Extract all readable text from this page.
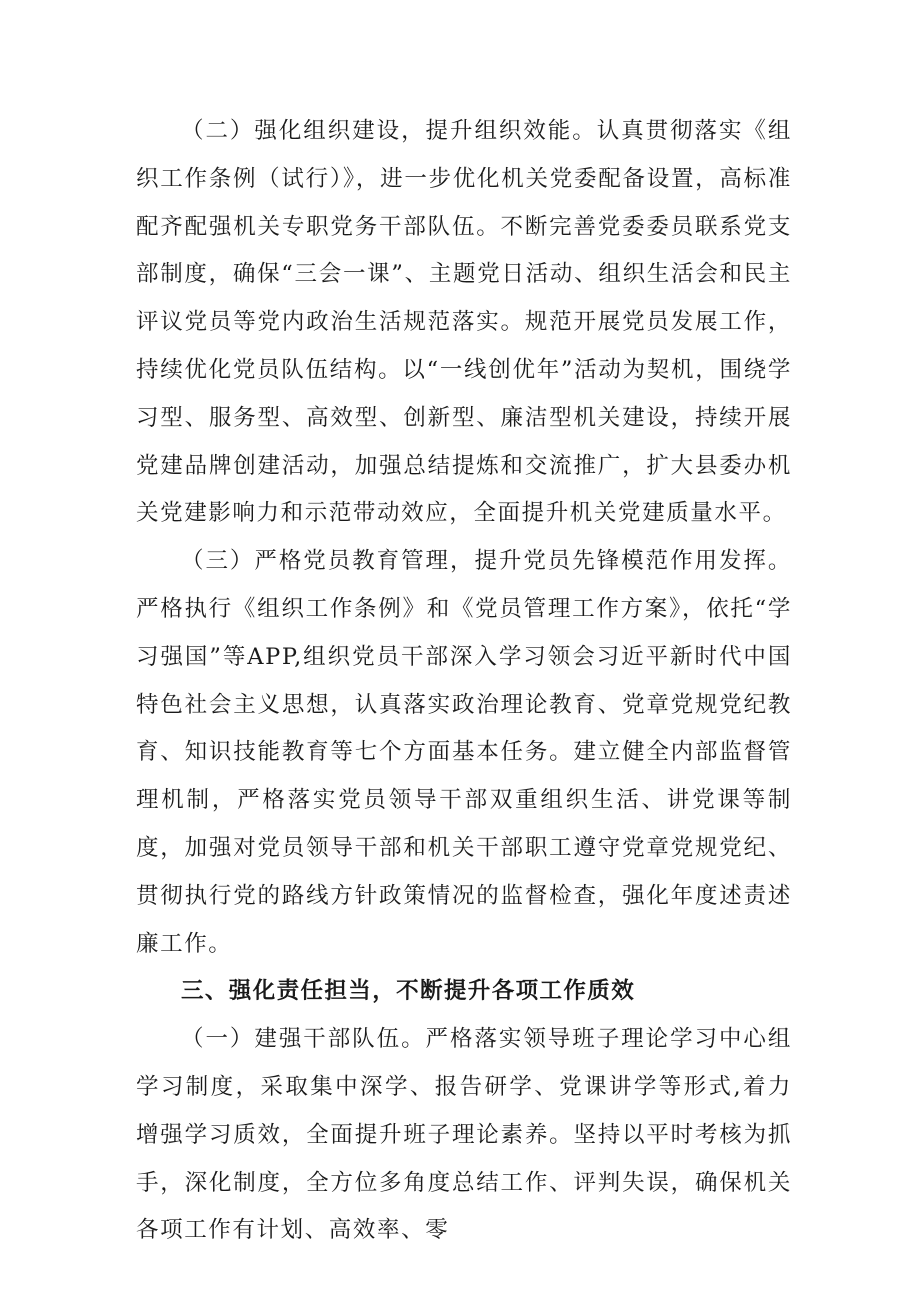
（二）强化组织建设，提升组织效能。认真贯彻落实《组织工作条例（试行）》，进一步优化机关党委配备设置，高标准配齐配强机关专职党务干部队伍。不断完善党委委员联系党支部制度，确保“三会一课”、主题党日活动、组织生活会和民主评议党员等党内政治生活规范落实。规范开展党员发展工作，持续优化党员队伍结构。以“一线创优年”活动为契机，围绕学习型、服务型、高效型、创新型、廉洁型机关建设，持续开展党建品牌创建活动，加强总结提炼和交流推广，扩大县委办机关党建影响力和示范带动效应，全面提升机关党建质量水平。

（三）严格党员教育管理，提升党员先锋模范作用发挥。严格执行《组织工作条例》和《党员管理工作方案》，依托“学习强国”等APP,组织党员干部深入学习领会习近平新时代中国特色社会主义思想，认真落实政治理论教育、党章党规党纪教育、知识技能教育等七个方面基本任务。建立健全内部监督管理机制，严格落实党员领导干部双重组织生活、讲党课等制度，加强对党员领导干部和机关干部职工遵守党章党规党纪、贯彻执行党的路线方针政策情况的监督检查，强化年度述责述廉工作。

三、强化责任担当，不断提升各项工作质效

（一）建强干部队伍。严格落实领导班子理论学习中心组学习制度，采取集中深学、报告研学、党课讲学等形式,着力增强学习质效，全面提升班子理论素养。坚持以平时考核为抓手，深化制度，全方位多角度总结工作、评判失误，确保机关各项工作有计划、高效率、零
